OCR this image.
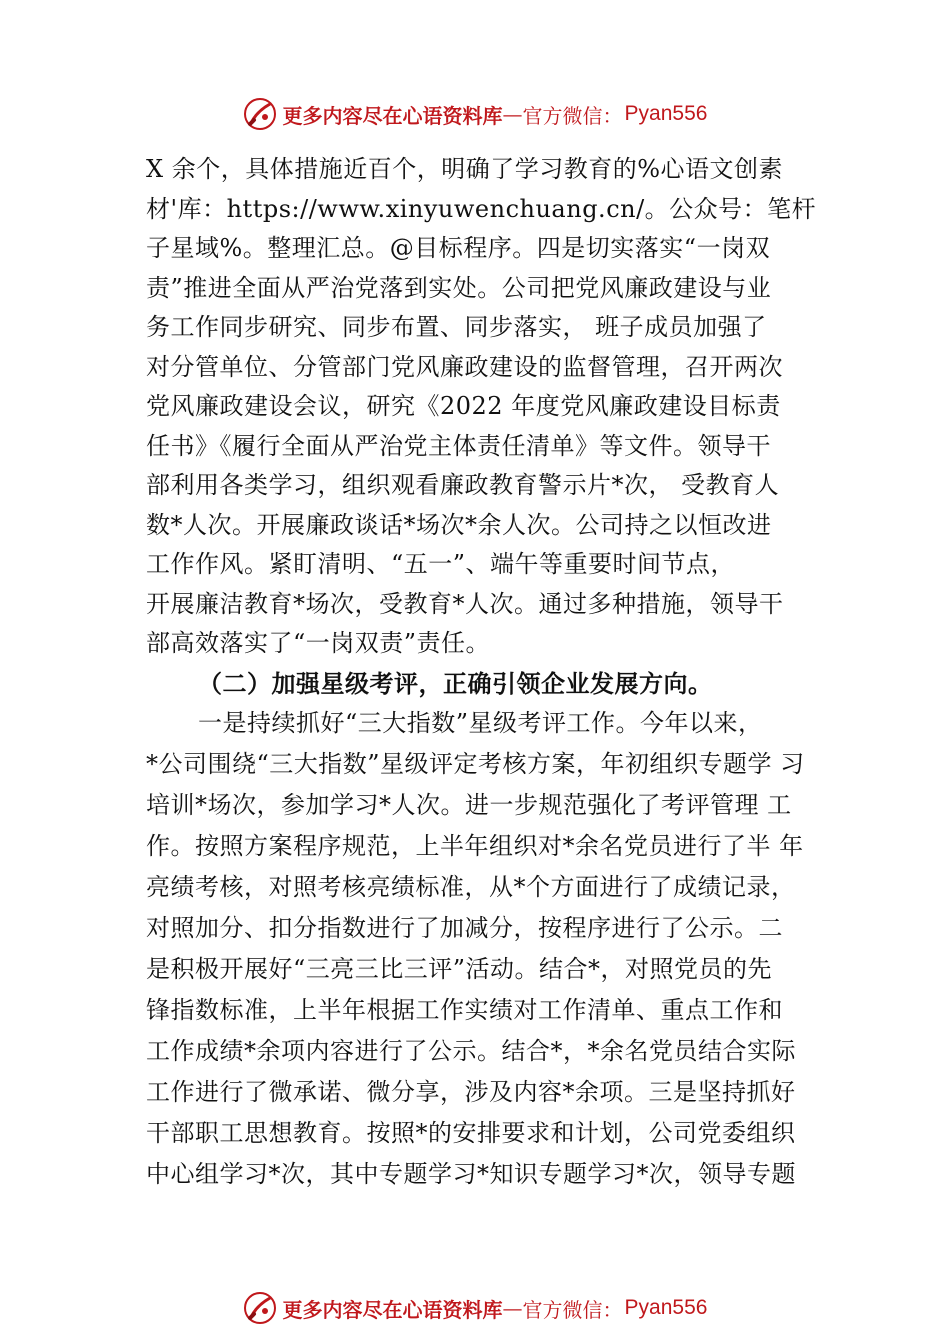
更多内容尽在心语资料库 — 官方微信： Pyan556
X 余个，具体措施近百个，明确了学习教育的%心语文创素
材'库：https://www.xinyuwenchuang.cn/。公众号：笔杆
子星域%。整理汇总。@目标程序。四是切实落实“一岗双
责”推进全面从严治党落到实处。公司把党风廉政建设与业
务工作同步研究、同步布置、同步落实， 班子成员加强了
对分管单位、分管部门党风廉政建设的监督管理，召开两次
党风廉政建设会议，研究《2022 年度党风廉政建设目标责
任书》《履行全面从严治党主体责任清单》等文件。领导干
部利用各类学习，组织观看廉政教育警示片*次， 受教育人
数*人次。开展廉政谈话*场次*余人次。公司持之以恒改进
工作作风。紧盯清明、“五一”、端午等重要时间节点，
开展廉洁教育*场次，受教育*人次。通过多种措施，领导干
部高效落实了“一岗双责”责任。
（二）加强星级考评，正确引领企业发展方向。
一是持续抓好“三大指数”星级考评工作。今年以来，
*公司围绕“三大指数”星级评定考核方案，年初组织专题学 习
培训*场次，参加学习*人次。进一步规范强化了考评管理 工
作。按照方案程序规范，上半年组织对*余名党员进行了半 年
亮绩考核，对照考核亮绩标准，从*个方面进行了成绩记录，
对照加分、扣分指数进行了加减分，按程序进行了公示。二
是积极开展好“三亮三比三评”活动。结合*，对照党员的先
锋指数标准，上半年根据工作实绩对工作清单、重点工作和
工作成绩*余项内容进行了公示。结合*，*余名党员结合实际
工作进行了微承诺、微分享，涉及内容*余项。三是坚持抓好
干部职工思想教育。按照*的安排要求和计划，公司党委组织
中心组学习*次，其中专题学习*知识专题学习*次，领导专题
更多内容尽在心语资料库 — 官方微信： Pyan556
